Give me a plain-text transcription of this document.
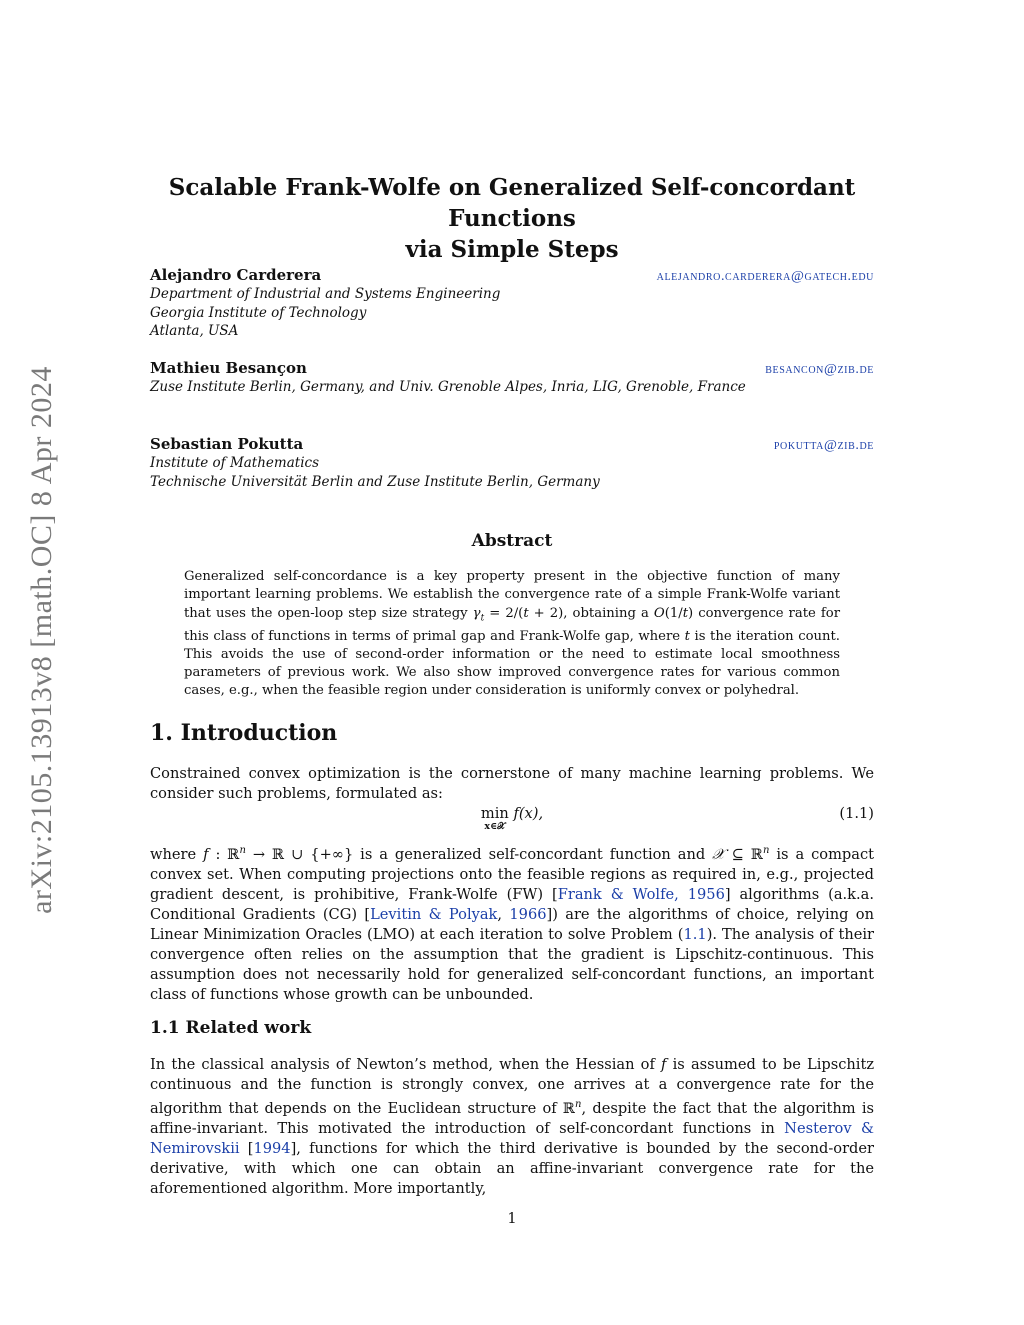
arXiv:2105.13913v8 [math.OC] 8 Apr 2024
Scalable Frank-Wolfe on Generalized Self-concordant Functions
via Simple Steps
Alejandro Carderera	alejandro.carderera@gatech.edu
Department of Industrial and Systems Engineering
Georgia Institute of Technology
Atlanta, USA
Mathieu Besançon	besancon@zib.de
Zuse Institute Berlin, Germany, and Univ. Grenoble Alpes, Inria, LIG, Grenoble, France
Sebastian Pokutta	pokutta@zib.de
Institute of Mathematics
Technische Universität Berlin and Zuse Institute Berlin, Germany
Abstract
Generalized self-concordance is a key property present in the objective function of many important learning problems. We establish the convergence rate of a simple Frank-Wolfe variant that uses the open-loop step size strategy $\gamma_t = 2/(t + 2)$, obtaining a O(1/t) convergence rate for this class of functions in terms of primal gap and Frank-Wolfe gap, where t is the iteration count. This avoids the use of second-order information or the need to estimate local smoothness parameters of previous work. We also show improved convergence rates for various common cases, e.g., when the feasible region under consideration is uniformly convex or polyhedral.
1. Introduction
Constrained convex optimization is the cornerstone of many machine learning problems. We consider such problems, formulated as:
min
x∈𝒳
f(x),	(1.1)
where f : ℝ$^n$ → ℝ ∪ {+∞} is a generalized self-concordant function and 𝒳 ⊆ ℝ$^n$ is a compact convex set. When computing projections onto the feasible regions as required in, e.g., projected gradient descent, is prohibitive, Frank-Wolfe (FW) [Frank & Wolfe, 1956] algorithms (a.k.a. Conditional Gradients (CG) [Levitin & Polyak, 1966]) are the algorithms of choice, relying on Linear Minimization Oracles (LMO) at each iteration to solve Problem (1.1). The analysis of their convergence often relies on the assumption that the gradient is Lipschitz-continuous. This assumption does not necessarily hold for generalized self-concordant functions, an important class of functions whose growth can be unbounded.
1.1 Related work
In the classical analysis of Newton’s method, when the Hessian of f is assumed to be Lipschitz continuous and the function is strongly convex, one arrives at a convergence rate for the algorithm that depends on the Euclidean structure of ℝ$^n$, despite the fact that the algorithm is affine-invariant. This motivated the introduction of self-concordant functions in Nesterov & Nemirovskii [1994], functions for which the third derivative is bounded by the second-order derivative, with which one can obtain an affine-invariant convergence rate for the aforementioned algorithm. More importantly,
1
